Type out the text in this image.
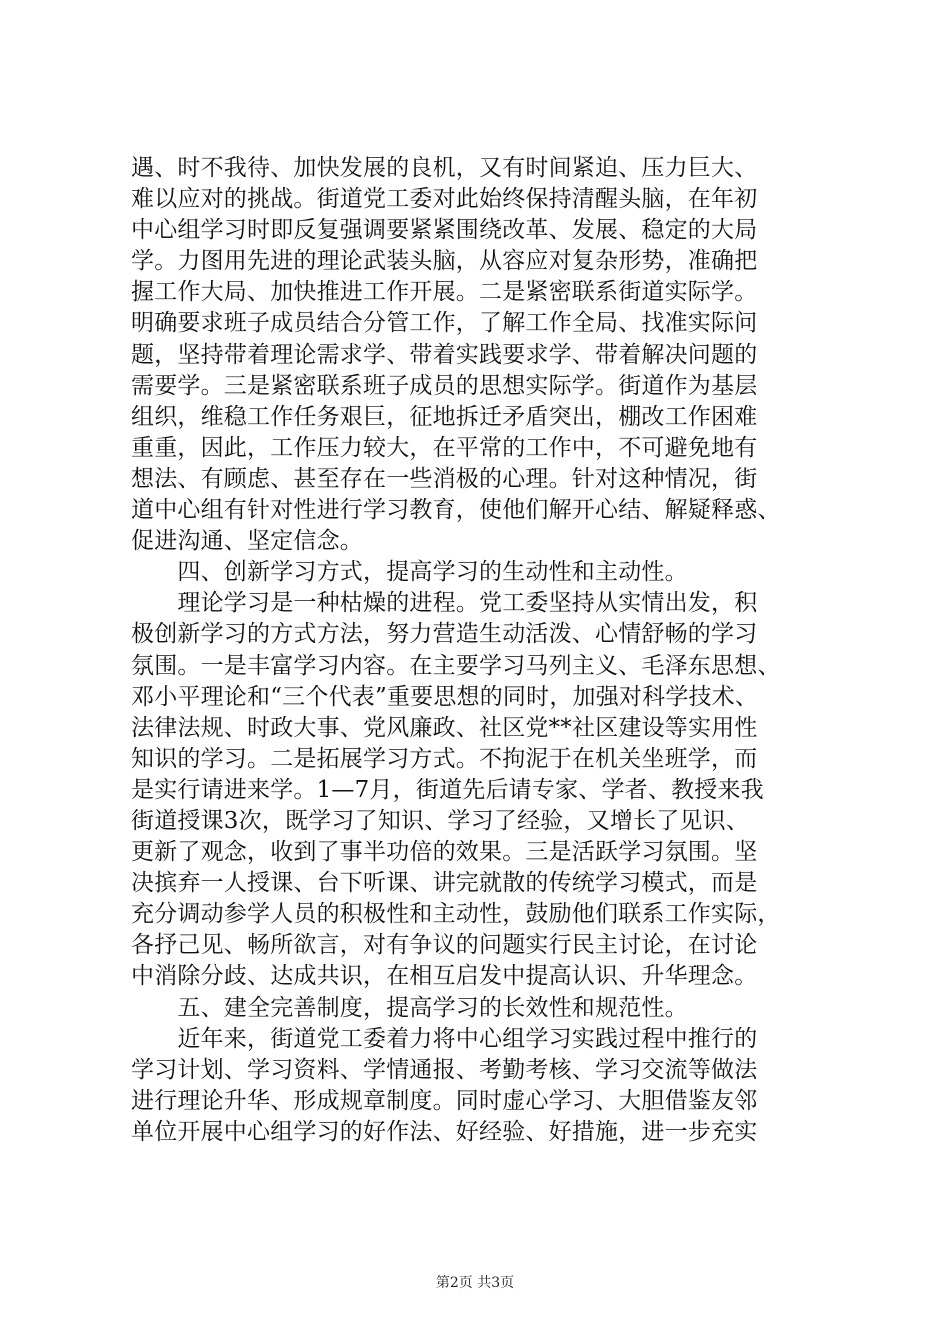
遇、时不我待、加快发展的良机，又有时间紧迫、压力巨大、
难以应对的挑战。街道党工委对此始终保持清醒头脑，在年初
中心组学习时即反复强调要紧紧围绕改革、发展、稳定的大局
学。力图用先进的理论武装头脑，从容应对复杂形势，准确把
握工作大局、加快推进工作开展。二是紧密联系街道实际学。
明确要求班子成员结合分管工作，了解工作全局、找准实际问
题，坚持带着理论需求学、带着实践要求学、带着解决问题的
需要学。三是紧密联系班子成员的思想实际学。街道作为基层
组织，维稳工作任务艰巨，征地拆迁矛盾突出，棚改工作困难
重重，因此，工作压力较大，在平常的工作中，不可避免地有
想法、有顾虑、甚至存在一些消极的心理。针对这种情况，街
道中心组有针对性进行学习教育，使他们解开心结、解疑释惑、
促进沟通、坚定信念。
　　四、创新学习方式，提高学习的生动性和主动性。
　　理论学习是一种枯燥的进程。党工委坚持从实情出发，积
极创新学习的方式方法，努力营造生动活泼、心情舒畅的学习
氛围。一是丰富学习内容。在主要学习马列主义、毛泽东思想、
邓小平理论和“三个代表”重要思想的同时，加强对科学技术、
法律法规、时政大事、党风廉政、社区党**社区建设等实用性
知识的学习。二是拓展学习方式。不拘泥于在机关坐班学，而
是实行请进来学。1—7月，街道先后请专家、学者、教授来我
街道授课3次，既学习了知识、学习了经验，又增长了见识、
更新了观念，收到了事半功倍的效果。三是活跃学习氛围。坚
决摈弃一人授课、台下听课、讲完就散的传统学习模式，而是
充分调动参学人员的积极性和主动性，鼓励他们联系工作实际，
各抒己见、畅所欲言，对有争议的问题实行民主讨论，在讨论
中消除分歧、达成共识，在相互启发中提高认识、升华理念。
　　五、建全完善制度，提高学习的长效性和规范性。
　　近年来，街道党工委着力将中心组学习实践过程中推行的
学习计划、学习资料、学情通报、考勤考核、学习交流等做法
进行理论升华、形成规章制度。同时虚心学习、大胆借鉴友邻
单位开展中心组学习的好作法、好经验、好措施，进一步充实
第2页 共3页
